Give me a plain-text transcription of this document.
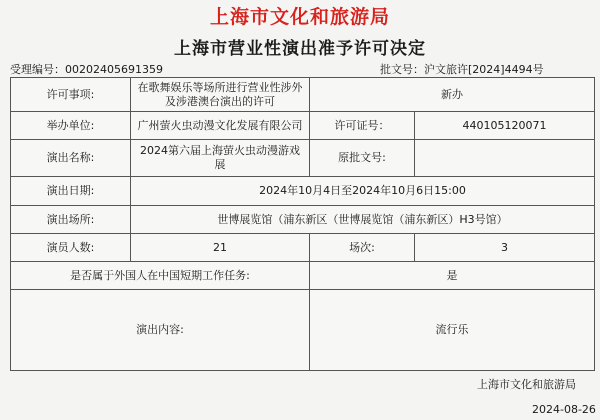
上海市文化和旅游局
上海市营业性演出准予许可决定
受理编号：00202405691359	批文号：沪文旅许[2024]4494号
许可事项:	在歌舞娱乐等场所进行营业性涉外及涉港澳台演出的许可	新办	
举办单位:	广州萤火虫动漫文化发展有限公司	许可证号：	440105120071
演出名称:	2024第六届上海萤火虫动漫游戏展	原批文号:	
演出日期:	2024年10月4日至2024年10月6日15:00		
演出场所:	世博展览馆（浦东新区（世博展览馆（浦东新区）H3号馆）		
演员人数:	21	场次:	3
是否属于外国人在中国短期工作任务:		是	
演出内容:		流行乐	
上海市文化和旅游局
2024-08-26
